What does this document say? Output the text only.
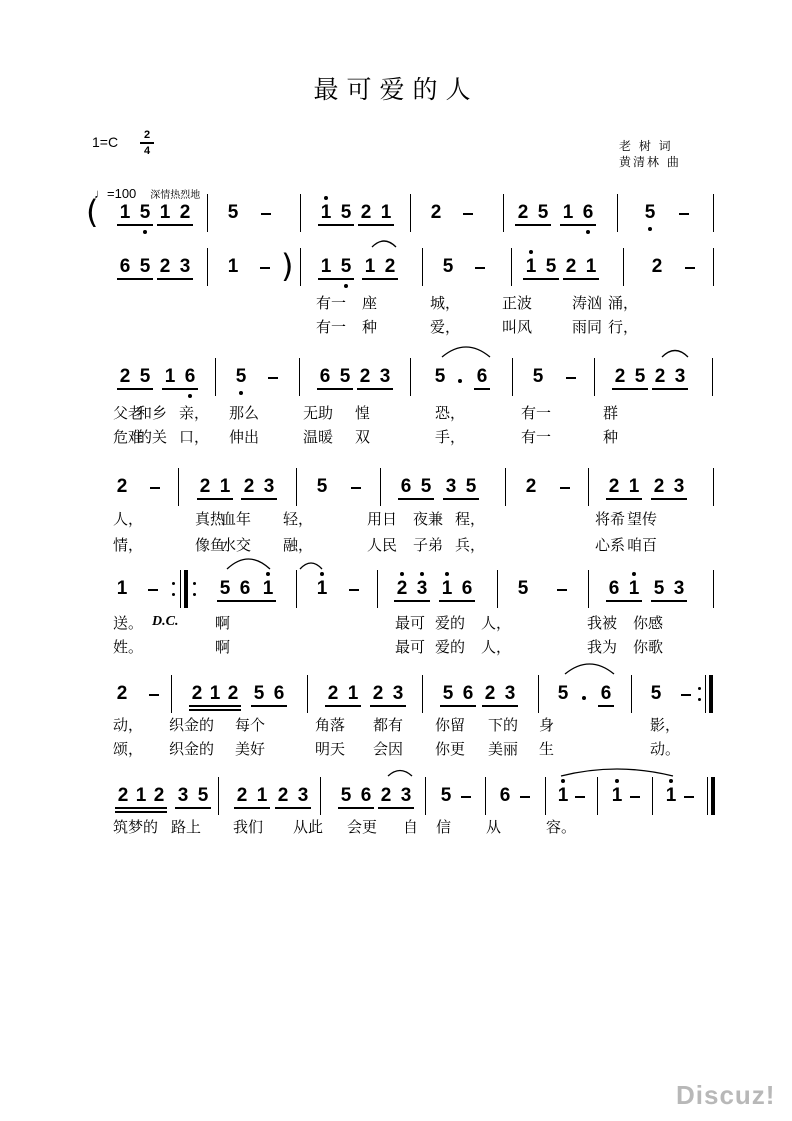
最可爱的人
1=C	2
4	老 树 词
黄清林 曲
♩=100 深情热烈地
D.C.
( 1 5 1 2 5	1 5 2 1 2	2 5 1 6	5
6 5 2 3 1 ) 1 5 1 2 5	1 5 2 1	2
2 5 1 6 5	6 5 2 3 5 6 5	2 5 2 3
2	2 1 2 3 5	6 5 3 5	2	2 1 2 3
1	5 6 1 1	2 3 1 6 5	6 1 5 3
2	2 1 2 5 6 2 1 2 3 5 6 2 3 5 6 5
2 1 2 3 5 2 1 2 3 5 6 2 3 5	6 1 1 1
有一 座	城，	正波	涛汹 涌，
有一 种	爱，	叫风	雨同 行，
父老
和乡 亲， 那么	无助 惶	恐，	有一	群
危难
的关 口， 伸出	温暖 双	手，	有一	种
人，	真热
血年 轻，	用日 夜兼 程，	将希 望传
情，	像鱼
水交 融，	人民 子弟 兵，	心系 咱百
送。	啊	最可 爱的 人，	我被 你感
姓。	啊	最可 爱的 人，	我为 你歌
动， 织金的 每个	角落 都有 你留 下的 身	影，
颂， 织金的 美好	明天 会因 你更 美丽 生	动。
筑梦的 路上 我们 从此 会更 自 信 从	容。
Discuz!
